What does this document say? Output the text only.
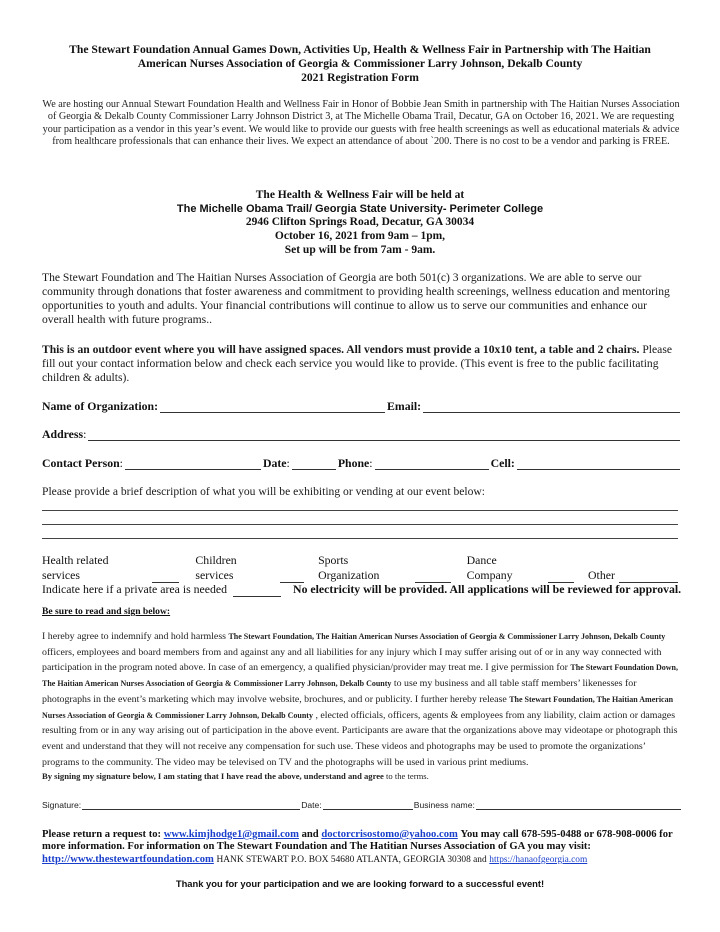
The Stewart Foundation Annual Games Down, Activities Up, Health & Wellness Fair in Partnership with The Haitian
American Nurses Association of Georgia & Commissioner Larry Johnson, Dekalb County
2021 Registration Form
We are hosting our Annual Stewart Foundation Health and Wellness Fair in Honor of Bobbie Jean Smith in partnership with The Haitian Nurses Association of Georgia & Dekalb County Commissioner Larry Johnson District 3, at The Michelle Obama Trail, Decatur, GA on October 16, 2021. We are requesting your participation as a vendor in this year’s event. We would like to provide our guests with free health screenings as well as educational materials & advice from healthcare professionals that can enhance their lives. We expect an attendance of about `200. There is no cost to be a vendor and parking is FREE.
The Health & Wellness Fair will be held at
The Michelle Obama Trail/ Georgia State University- Perimeter College
2946 Clifton Springs Road, Decatur, GA 30034
October 16, 2021 from 9am – 1pm,
Set up will be from 7am - 9am.
The Stewart Foundation and The Haitian Nurses Association of Georgia are both 501(c) 3 organizations. We are able to serve our community through donations that foster awareness and commitment to providing health screenings, wellness education and mentoring opportunities to youth and adults. Your financial contributions will continue to allow us to serve our communities and enhance our overall health with future programs..
This is an outdoor event where you will have assigned spaces. All vendors must provide a 10x10 tent, a table and 2 chairs. Please fill out your contact information below and check each service you would like to provide. (This event is free to the public facilitating children & adults).
Name of Organization :	Email :
Address :
Contact Person :	Date :	Phone :	Cell :
Please provide a brief description of what you will be exhibiting or vending at our event below:
Health related services
Children services
Sports Organization
Dance Company	Other
Indicate here if a private area is needed	No electricity will be provided. All applications will be reviewed for approval.
Be sure to read and sign below:
I hereby agree to indemnify and hold harmless The Stewart Foundation, The Haitian American Nurses Association of Georgia & Commissioner Larry Johnson, Dekalb County officers, employees and board members from and against any and all liabilities for any injury which I may suffer arising out of or in any way connected with participation in the program noted above. In case of an emergency, a qualified physician/provider may treat me. I give permission for The Stewart Foundation Down, The Haitian American Nurses Association of Georgia & Commissioner Larry Johnson, Dekalb County to use my business and all table staff members’ likenesses for photographs in the event’s marketing which may involve website, brochures, and or publicity. I further hereby release The Stewart Foundation, The Haitian American Nurses Association of Georgia & Commissioner Larry Johnson, Dekalb County , elected officials, officers, agents & employees from any liability, claim action or damages resulting from or in any way arising out of participation in the above event. Participants are aware that the organizations above may videotape or photograph this event and understand that they will not receive any compensation for such use. These videos and photographs may be used to promote the organizations’ programs to the community. The video may be televised on TV and the photographs will be used in various print mediums.
By signing my signature below, I am stating that I have read the above, understand and agree to the terms.
Signature:	Date:	Business name:
Please return a request to: www.kimjhodge1@gmail.com and doctorcrisostomo@yahoo.com You may call 678-595-0488 or 678-908-0006 for more information. For information on The Stewart Foundation and The Hatitian Nurses Association of GA you may visit: http://www.thestewartfoundation.com HANK STEWART P.O. BOX 54680 ATLANTA, GEORGIA 30308 and https://hanaofgeorgia.com
Thank you for your participation and we are looking forward to a successful event!
